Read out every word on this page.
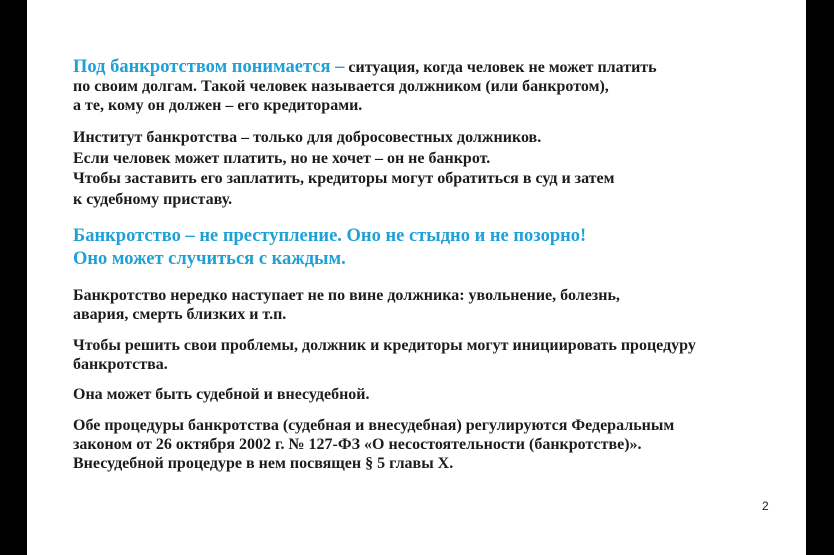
Под банкротством понимается – ситуация, когда человек не может платить
по своим долгам. Такой человек называется должником (или банкротом),
а те, кому он должен – его кредиторами.

Институт банкротства – только для добросовестных должников.
Если человек может платить, но не хочет – он не банкрот.
Чтобы заставить его заплатить, кредиторы могут обратиться в суд и затем
к судебному приставу.

Банкротство – не преступление. Оно не стыдно и не позорно!
Оно может случиться с каждым.

Банкротство нередко наступает не по вине должника: увольнение, болезнь,
авария, смерть близких и т.п.

Чтобы решить свои проблемы, должник и кредиторы могут инициировать процедуру
банкротства.

Она может быть судебной и внесудебной.

Обе процедуры банкротства (судебная и внесудебная) регулируются Федеральным
законом от 26 октября 2002 г. № 127-ФЗ «О несостоятельности (банкротстве)».
Внесудебной процедуре в нем посвящен § 5 главы X.

2
